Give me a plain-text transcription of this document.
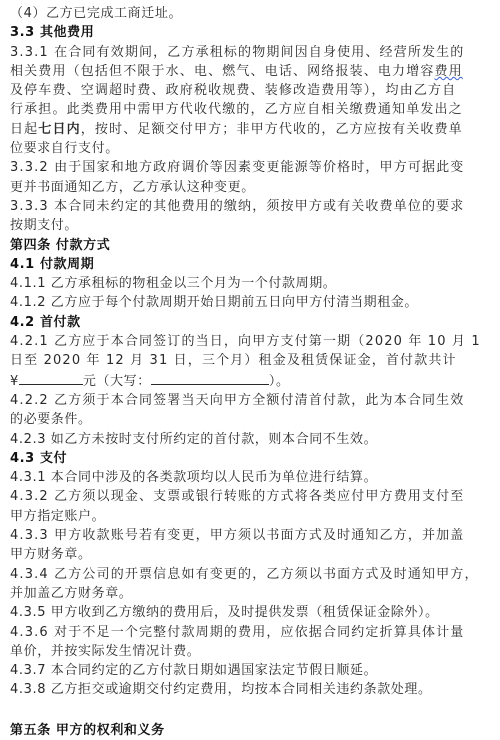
（4）乙方已完成工商迁址。
3.3 其他费用
3.3.1 在合同有效期间，乙方承租标的物期间因自身使用、经营所发生的
相关费用（包括但不限于水、电、燃气、电话、网络报装、电力增容费用
及停车费、空调超时费、政府税收规费、装修改造费用等），均由乙方自
行承担。此类费用中需甲方代收代缴的，乙方应自相关缴费通知单发出之
日起七日内，按时、足额交付甲方；非甲方代收的，乙方应按有关收费单
位要求自行支付。
3.3.2 由于国家和地方政府调价等因素变更能源等价格时，甲方可据此变
更并书面通知乙方，乙方承认这种变更。
3.3.3 本合同未约定的其他费用的缴纳，须按甲方或有关收费单位的要求
按期支付。
第四条 付款方式
4.1 付款周期
4.1.1 乙方承租标的物租金以三个月为一个付款周期。
4.1.2 乙方应于每个付款周期开始日期前五日向甲方付清当期租金。
4.2 首付款
4.2.1 乙方应于本合同签订的当日，向甲方支付第一期（2020 年 10 月 1
日至 2020 年 12 月 31 日，三个月）租金及租赁保证金，首付款共计
¥	元（大写：	）。
4.2.2 乙方须于本合同签署当天向甲方全额付清首付款，此为本合同生效
的必要条件。
4.2.3 如乙方未按时支付所约定的首付款，则本合同不生效。
4.3 支付
4.3.1 本合同中涉及的各类款项均以人民币为单位进行结算。
4.3.2 乙方须以现金、支票或银行转账的方式将各类应付甲方费用支付至
甲方指定账户。
4.3.3 甲方收款账号若有变更，甲方须以书面方式及时通知乙方，并加盖
甲方财务章。
4.3.4 乙方公司的开票信息如有变更的，乙方须以书面方式及时通知甲方，
并加盖乙方财务章。
4.3.5 甲方收到乙方缴纳的费用后，及时提供发票（租赁保证金除外）。
4.3.6 对于不足一个完整付款周期的费用，应依据合同约定折算具体计量
单价，并按实际发生情况计费。
4.3.7 本合同约定的乙方付款日期如遇国家法定节假日顺延。
4.3.8 乙方拒交或逾期交付约定费用，均按本合同相关违约条款处理。
第五条 甲方的权利和义务
